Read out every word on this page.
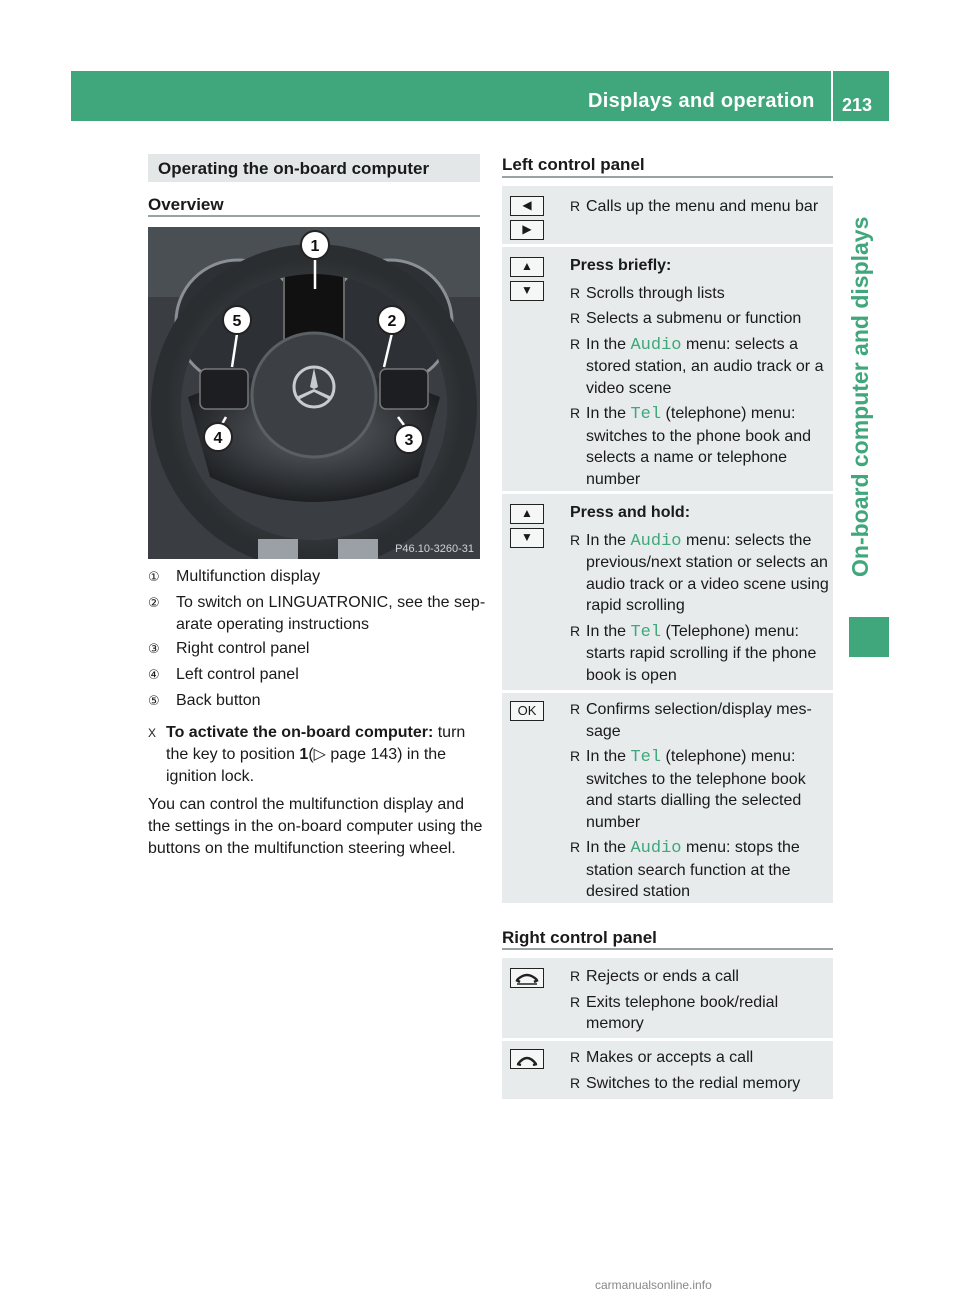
Displays and operation 213
On-board computer and displays
Operating the on-board computer
Overview
1
2
3
4
5
P46.10-3260-31
① Multifunction display
② To switch on LINGUATRONIC, see the sep-arate operating instructions
③ Right control panel
④ Left control panel
⑤ Back button
X To activate the on-board computer: turn the key to position 1(▷ page 143) in the ignition lock.
You can control the multifunction display and the settings in the on-board computer using the buttons on the multifunction steering wheel.
Left control panel
◀
▶
R Calls up the menu and menu bar
▲
▼
Press briefly:
R Scrolls through lists
R Selects a submenu or function
R In the Audio menu: selects a stored station, an audio track or a video scene
R In the Tel (telephone) menu: switches to the phone book and selects a name or telephone number
▲
▼
Press and hold:
R In the Audio menu: selects the previous/next station or selects an audio track or a video scene using rapid scrolling
R In the Tel (Telephone) menu: starts rapid scrolling if the phone book is open
OK	R Confirms selection/display mes-sage
R In the Tel (telephone) menu: switches to the telephone book and starts dialling the selected number
R In the Audio menu: stops the station search function at the desired station
Right control panel
R Rejects or ends a call
R Exits telephone book/redial memory
R Makes or accepts a call
R Switches to the redial memory
carmanualsonline.info
